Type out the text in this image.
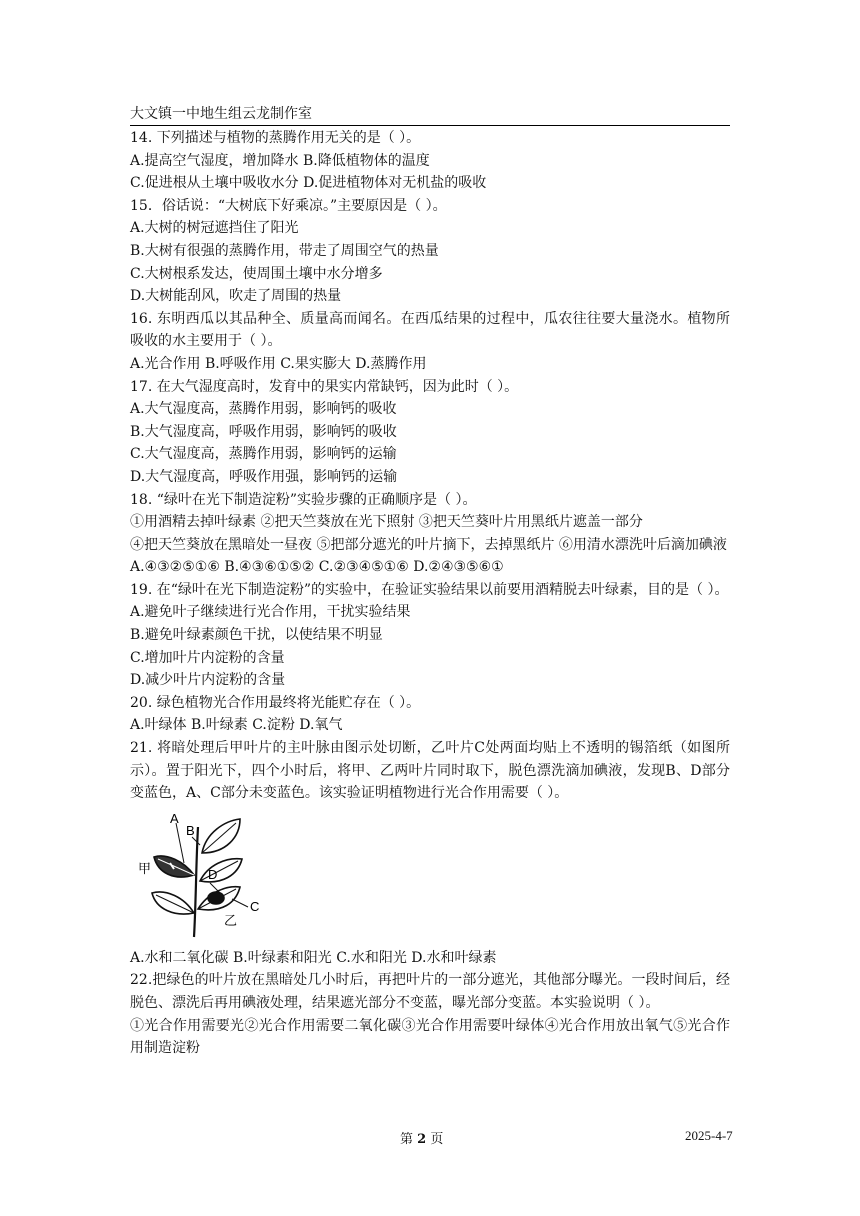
大文镇一中地生组云龙制作室
14. 下列描述与植物的蒸腾作用无关的是（ ）。
A.提高空气湿度，增加降水 B.降低植物体的温度
C.促进根从土壤中吸收水分 D.促进植物体对无机盐的吸收
15．俗话说：“大树底下好乘凉。”主要原因是（ ）。
A.大树的树冠遮挡住了阳光
B.大树有很强的蒸腾作用，带走了周围空气的热量
C.大树根系发达，使周围土壤中水分增多
D.大树能刮风，吹走了周围的热量
16. 东明西瓜以其品种全、质量高而闻名。在西瓜结果的过程中，瓜农往往要大量浇水。植物所吸收的水主要用于（ ）。
A.光合作用 B.呼吸作用 C.果实膨大 D.蒸腾作用
17. 在大气湿度高时，发育中的果实内常缺钙，因为此时（ ）。
A.大气湿度高，蒸腾作用弱，影响钙的吸收
B.大气湿度高，呼吸作用弱，影响钙的吸收
C.大气湿度高，蒸腾作用弱，影响钙的运输
D.大气湿度高，呼吸作用强，影响钙的运输
18. “绿叶在光下制造淀粉”实验步骤的正确顺序是（ ）。
①用酒精去掉叶绿素 ②把天竺葵放在光下照射 ③把天竺葵叶片用黑纸片遮盖一部分
④把天竺葵放在黑暗处一昼夜 ⑤把部分遮光的叶片摘下，去掉黑纸片 ⑥用清水漂洗叶后滴加碘液
A.④③②⑤①⑥ B.④③⑥①⑤② C.②③④⑤①⑥ D.②④③⑤⑥①
19. 在“绿叶在光下制造淀粉”的实验中，在验证实验结果以前要用酒精脱去叶绿素，目的是（ ）。
A.避免叶子继续进行光合作用，干扰实验结果
B.避免叶绿素颜色干扰，以使结果不明显
C.增加叶片内淀粉的含量
D.减少叶片内淀粉的含量
20. 绿色植物光合作用最终将光能贮存在（ ）。
A.叶绿体 B.叶绿素 C.淀粉 D.氧气
21. 将暗处理后甲叶片的主叶脉由图示处切断，乙叶片C处两面均贴上不透明的锡箔纸（如图所示）。置于阳光下，四个小时后，将甲、乙两叶片同时取下，脱色漂洗滴加碘液，发现B、D部分变蓝色，A、C部分未变蓝色。该实验证明植物进行光合作用需要（ ）。
A
B
甲	D
C
乙
A.水和二氧化碳 B.叶绿素和阳光 C.水和阳光 D.水和叶绿素
22.把绿色的叶片放在黑暗处几小时后，再把叶片的一部分遮光，其他部分曝光。一段时间后，经脱色、漂洗后再用碘液处理，结果遮光部分不变蓝，曝光部分变蓝。本实验说明（ ）。
①光合作用需要光②光合作用需要二氧化碳③光合作用需要叶绿体④光合作用放出氧气⑤光合作用制造淀粉
第 2 页	2025-4-7
